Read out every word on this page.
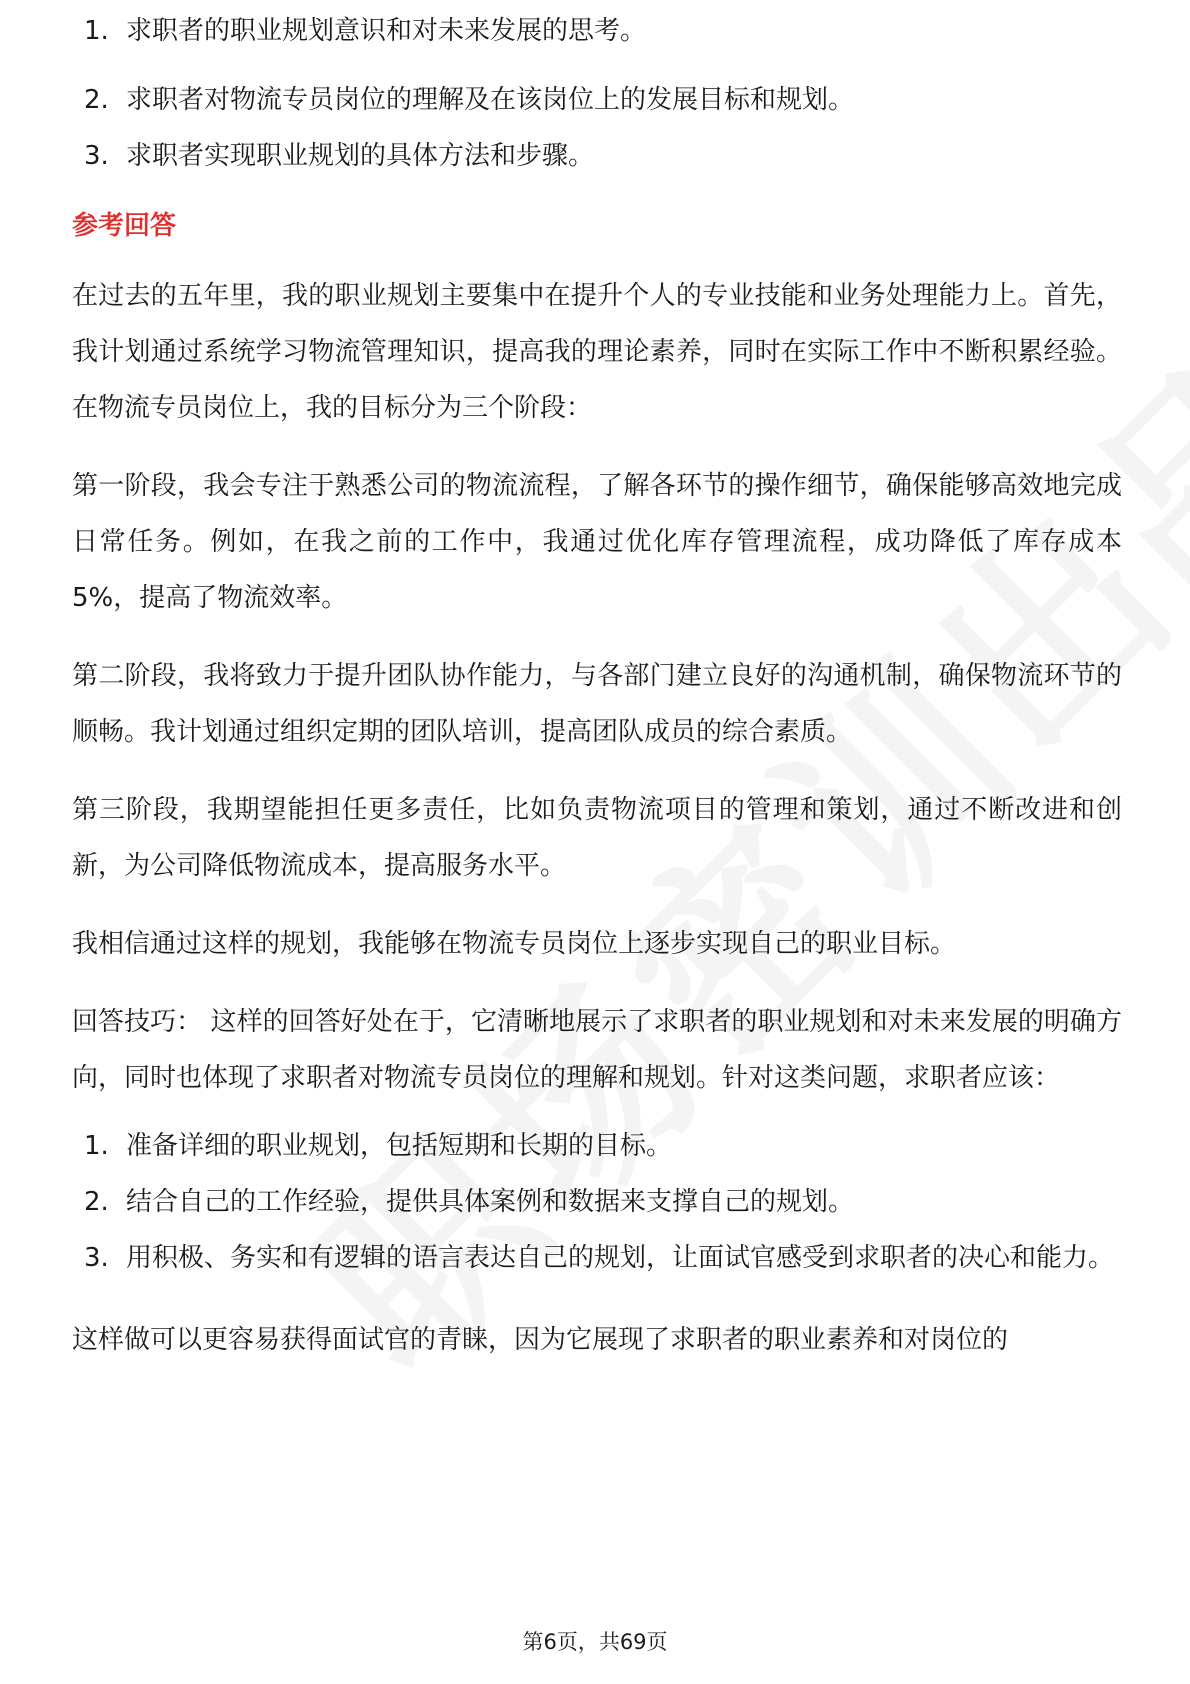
1. 求职者的职业规划意识和对未来发展的思考。
2. 求职者对物流专员岗位的理解及在该岗位上的发展目标和规划。
3. 求职者实现职业规划的具体方法和步骤。
参考回答

在过去的五年里，我的职业规划主要集中在提升个人的专业技能和业务处理能力上。首先，我计划通过系统学习物流管理知识，提高我的理论素养，同时在实际工作中不断积累经验。在物流专员岗位上，我的目标分为三个阶段：

第一阶段，我会专注于熟悉公司的物流流程，了解各环节的操作细节，确保能够高效地完成日常任务。例如，在我之前的工作中，我通过优化库存管理流程，成功降低了库存成本5%，提高了物流效率。

第二阶段，我将致力于提升团队协作能力，与各部门建立良好的沟通机制，确保物流环节的顺畅。我计划通过组织定期的团队培训，提高团队成员的综合素质。

第三阶段，我期望能担任更多责任，比如负责物流项目的管理和策划，通过不断改进和创新，为公司降低物流成本，提高服务水平。

我相信通过这样的规划，我能够在物流专员岗位上逐步实现自己的职业目标。

回答技巧： 这样的回答好处在于，它清晰地展示了求职者的职业规划和对未来发展的明确方向，同时也体现了求职者对物流专员岗位的理解和规划。针对这类问题，求职者应该：

1. 准备详细的职业规划，包括短期和长期的目标。
2. 结合自己的工作经验，提供具体案例和数据来支撑自己的规划。
3. 用积极、务实和有逻辑的语言表达自己的规划，让面试官感受到求职者的决心和能力。

这样做可以更容易获得面试官的青睐，因为它展现了求职者的职业素养和对岗位的

第6页，共69页
